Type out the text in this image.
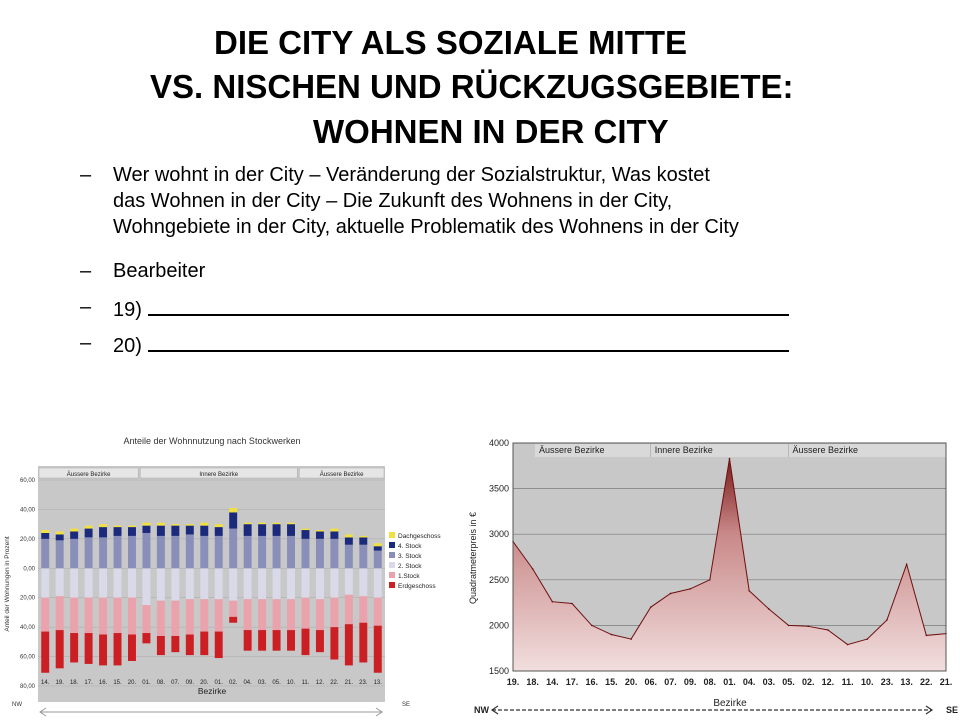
DIE CITY ALS SOZIALE MITTE
VS. NISCHEN UND RÜCKZUGSGEBIETE:
WOHNEN IN DER CITY
– Wer wohnt in der City – Veränderung der Sozialstruktur, Was kostet
das Wohnen in der City – Die Zukunft des Wohnens in der City,
Wohngebiete in der City, aktuelle Problematik des Wohnens in der City
– Bearbeiter
– 19)
– 20)
Anteile der Wohnnutzung nach Stockwerken
Äussere Bezirke	Innere Bezirke	Äussere Bezirke
60,00
40,00
20,00
0,00
20,00
40,00
60,00
80,00
14. 19. 18. 17. 16. 15. 20. 01. 08. 07. 09. 20. 01. 02. 04. 03. 05. 10. 11. 12. 22. 21. 23. 13.
Dachgeschoss
4. Stock
3. Stock
2. Stock
1.Stock
Erdgeschoss
Anteil der Wohnungen in Prozent
Bezirke
NW	SE
Äussere Bezirke	Innere Bezirke	Äussere Bezirke
1500
2000
2500
3000
3500
4000
19. 18. 14. 17. 16. 15. 20. 06. 07. 09. 08. 01. 04. 03. 05. 02. 12. 11. 10. 23. 13. 22. 21.
Quadratmeterpreis in €
Bezirke
NW	SE
